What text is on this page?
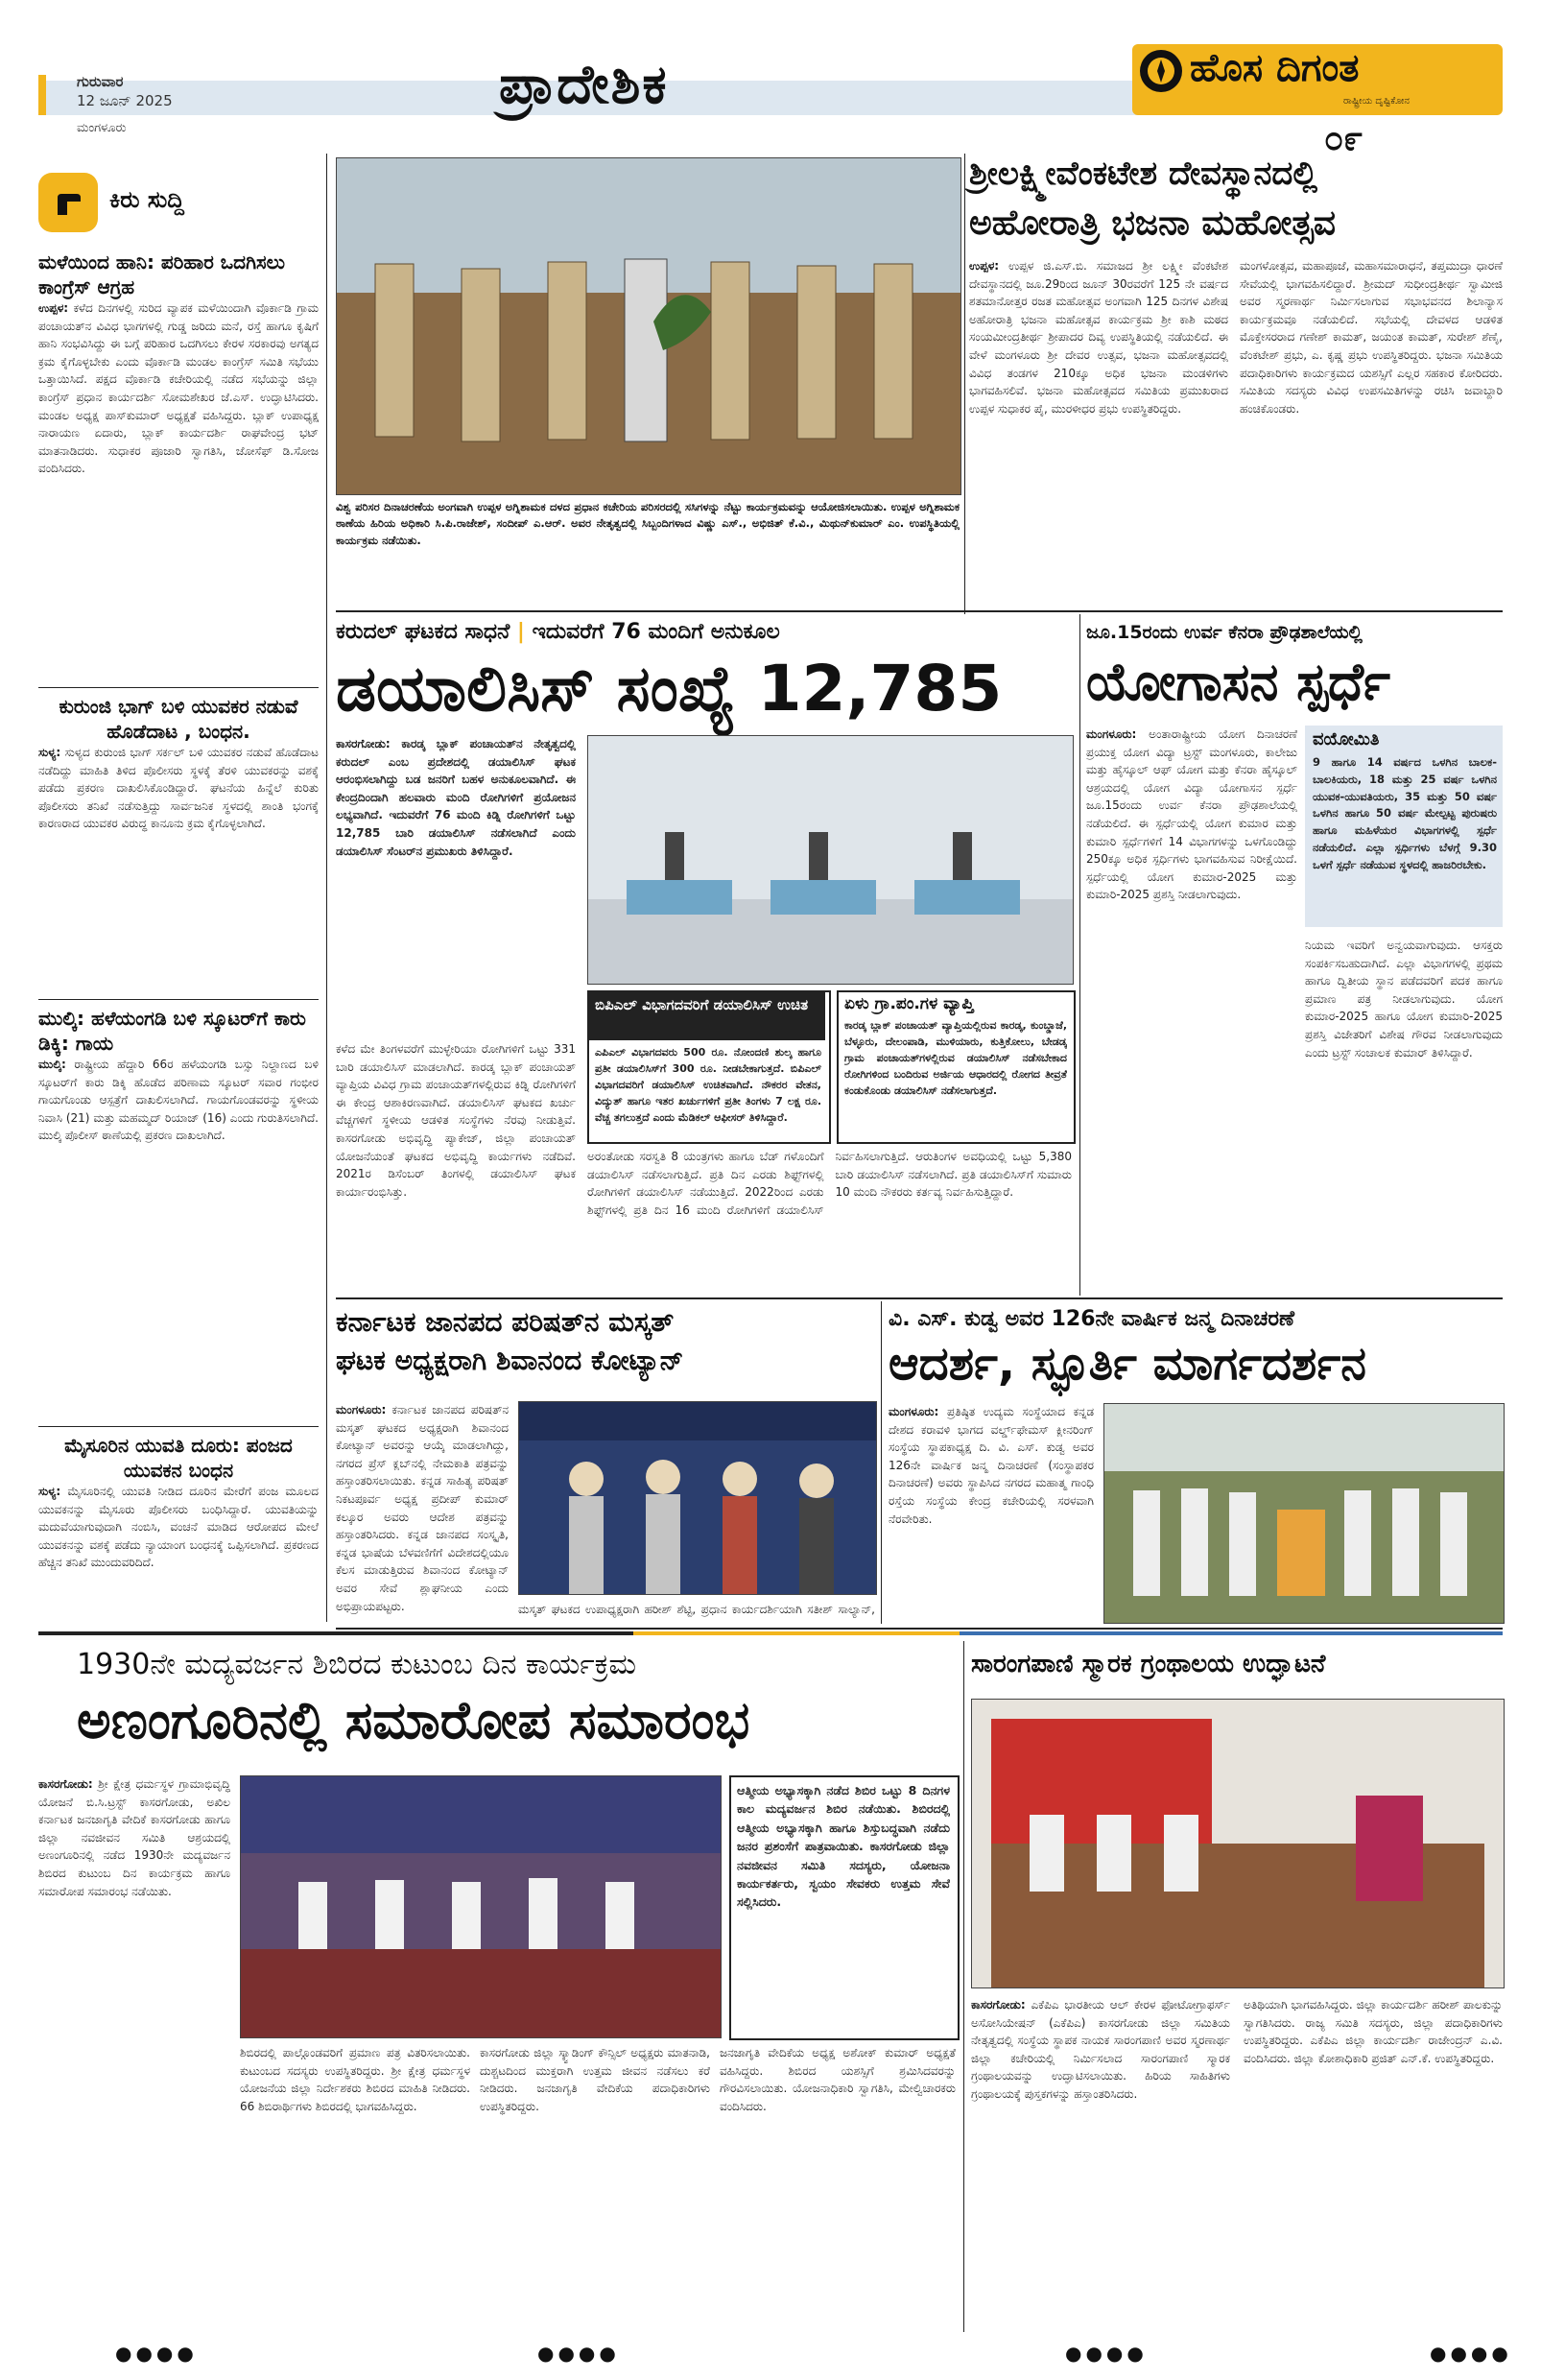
ಗುರುವಾರ
12 ಜೂನ್ 2025
ಮಂಗಳೂರು
ಪ್ರಾದೇಶಿಕ	ಹೊಸ ದಿಗಂತ
ರಾಷ್ಟ್ರೀಯ ದೃಷ್ಟಿಕೋನ
೦೯
ಕಿರು ಸುದ್ದಿ
ಮಳೆಯಿಂದ ಹಾನಿ: ಪರಿಹಾರ ಒದಗಿಸಲು ಕಾಂಗ್ರೆಸ್ ಆಗ್ರಹ
ಉಪ್ಪಳ: ಕಳೆದ ದಿನಗಳಲ್ಲಿ ಸುರಿದ ವ್ಯಾಪಕ ಮಳೆಯಿಂದಾಗಿ ವೊರ್ಕಾಡಿ ಗ್ರಾಮ ಪಂಚಾಯತ್‌ನ ವಿವಿಧ ಭಾಗಗಳಲ್ಲಿ ಗುಡ್ಡ ಜರಿದು ಮನೆ, ರಸ್ತೆ ಹಾಗೂ ಕೃಷಿಗೆ ಹಾನಿ ಸಂಭವಿಸಿದ್ದು ಈ ಬಗ್ಗೆ ಪರಿಹಾರ ಒದಗಿಸಲು ಕೇರಳ ಸರಕಾರವು ಅಗತ್ಯದ ಕ್ರಮ ಕೈಗೊಳ್ಳಬೇಕು ಎಂದು ವೊರ್ಕಾಡಿ ಮಂಡಲ ಕಾಂಗ್ರೆಸ್ ಸಮಿತಿ ಸಭೆಯು ಒತ್ತಾಯಿಸಿದೆ. ಪಕ್ಷದ ವೊರ್ಕಾಡಿ ಕಚೇರಿಯಲ್ಲಿ ನಡೆದ ಸಭೆಯನ್ನು ಜಿಲ್ಲಾ ಕಾಂಗ್ರೆಸ್ ಪ್ರಧಾನ ಕಾರ್ಯದರ್ಶಿ ಸೋಮಶೇಖರ ಜೆ.ಎಸ್. ಉದ್ಘಾಟಿಸಿದರು. ಮಂಡಲ ಅಧ್ಯಕ್ಷ ಪಾಸ್‌ಕುಮಾರ್ ಅಧ್ಯಕ್ಷತೆ ವಹಿಸಿದ್ದರು. ಬ್ಲಾಕ್ ಉಪಾಧ್ಯಕ್ಷ ನಾರಾಯಣ ಏದಾರು, ಬ್ಲಾಕ್ ಕಾರ್ಯದರ್ಶಿ ರಾಘವೇಂದ್ರ ಭಟ್ ಮಾತನಾಡಿದರು. ಸುಧಾಕರ ಪೂಜಾರಿ ಸ್ವಾಗತಿಸಿ, ಜೋಸೆಫ್ ಡಿ.ಸೋಜ ವಂದಿಸಿದರು.
ಕುರುಂಜಿ ಭಾಗ್ ಬಳಿ ಯುವಕರ ನಡುವೆ ಹೊಡೆದಾಟ , ಬಂಧನ.
ಸುಳ್ಯ: ಸುಳ್ಯದ ಕುರುಂಜಿ ಭಾಗ್ ಸರ್ಕಲ್ ಬಳಿ ಯುವಕರ ನಡುವೆ ಹೊಡೆದಾಟ ನಡೆದಿದ್ದು ಮಾಹಿತಿ ತಿಳಿದ ಪೊಲೀಸರು ಸ್ಥಳಕ್ಕೆ ತೆರಳಿ ಯುವಕರನ್ನು ವಶಕ್ಕೆ ಪಡೆದು ಪ್ರಕರಣ ದಾಖಲಿಸಿಕೊಂಡಿದ್ದಾರೆ. ಘಟನೆಯ ಹಿನ್ನೆಲೆ ಕುರಿತು ಪೊಲೀಸರು ತನಿಖೆ ನಡೆಸುತ್ತಿದ್ದು ಸಾರ್ವಜನಿಕ ಸ್ಥಳದಲ್ಲಿ ಶಾಂತಿ ಭಂಗಕ್ಕೆ ಕಾರಣರಾದ ಯುವಕರ ವಿರುದ್ಧ ಕಾನೂನು ಕ್ರಮ ಕೈಗೊಳ್ಳಲಾಗಿದೆ.
ಮುಲ್ಕಿ: ಹಳೆಯಂಗಡಿ ಬಳಿ ಸ್ಕೂಟರ್‌ಗೆ ಕಾರು ಡಿಕ್ಕಿ: ಗಾಯ
ಮುಲ್ಕಿ: ರಾಷ್ಟ್ರೀಯ ಹೆದ್ದಾರಿ 66ರ ಹಳೆಯಂಗಡಿ ಬಸ್ಸು ನಿಲ್ದಾಣದ ಬಳಿ ಸ್ಕೂಟರ್‌ಗೆ ಕಾರು ಡಿಕ್ಕಿ ಹೊಡೆದ ಪರಿಣಾಮ ಸ್ಕೂಟರ್ ಸವಾರ ಗಂಭೀರ ಗಾಯಗೊಂಡು ಆಸ್ಪತ್ರೆಗೆ ದಾಖಲಿಸಲಾಗಿದೆ. ಗಾಯಗೊಂಡವರನ್ನು ಸ್ಥಳೀಯ ನಿವಾಸಿ (21) ಮತ್ತು ಮಹಮ್ಮದ್ ರಿಯಾಜ್ (16) ಎಂದು ಗುರುತಿಸಲಾಗಿದೆ. ಮುಲ್ಕಿ ಪೊಲೀಸ್ ಠಾಣೆಯಲ್ಲಿ ಪ್ರಕರಣ ದಾಖಲಾಗಿದೆ.
ಮೈಸೂರಿನ ಯುವತಿ ದೂರು: ಪಂಜದ ಯುವಕನ ಬಂಧನ
ಸುಳ್ಯ: ಮೈಸೂರಿನಲ್ಲಿ ಯುವತಿ ನೀಡಿದ ದೂರಿನ ಮೇರೆಗೆ ಪಂಜ ಮೂಲದ ಯುವಕನನ್ನು ಮೈಸೂರು ಪೊಲೀಸರು ಬಂಧಿಸಿದ್ದಾರೆ. ಯುವತಿಯನ್ನು ಮದುವೆಯಾಗುವುದಾಗಿ ನಂಬಿಸಿ, ವಂಚನೆ ಮಾಡಿದ ಆರೋಪದ ಮೇಲೆ ಯುವಕನನ್ನು ವಶಕ್ಕೆ ಪಡೆದು ನ್ಯಾಯಾಂಗ ಬಂಧನಕ್ಕೆ ಒಪ್ಪಿಸಲಾಗಿದೆ. ಪ್ರಕರಣದ ಹೆಚ್ಚಿನ ತನಿಖೆ ಮುಂದುವರಿದಿದೆ.
ವಿಶ್ವ ಪರಿಸರ ದಿನಾಚರಣೆಯ ಅಂಗವಾಗಿ ಉಪ್ಪಳ ಅಗ್ನಿಶಾಮಕ ದಳದ ಪ್ರಧಾನ ಕಚೇರಿಯ ಪರಿಸರದಲ್ಲಿ ಸಸಿಗಳನ್ನು ನೆಟ್ಟು ಕಾರ್ಯಕ್ರಮವನ್ನು ಆಯೋಜಿಸಲಾಯಿತು. ಉಪ್ಪಳ ಅಗ್ನಿಶಾಮಕ ಠಾಣೆಯ ಹಿರಿಯ ಅಧಿಕಾರಿ ಸಿ.ಪಿ.ರಾಜೇಶ್, ಸಂದೀಪ್ ಎ.ಆರ್. ಅವರ ನೇತೃತ್ವದಲ್ಲಿ ಸಿಬ್ಬಂದಿಗಳಾದ ವಿಷ್ಣು ಎಸ್., ಅಭಿಜಿತ್ ಕೆ.ವಿ., ಮಿಥುನ್‌ಕುಮಾರ್ ಎಂ. ಉಪಸ್ಥಿತಿಯಲ್ಲಿ ಕಾರ್ಯಕ್ರಮ ನಡೆಯಿತು.
ಶ್ರೀಲಕ್ಷ್ಮೀವೆಂಕಟೇಶ ದೇವಸ್ಥಾನದಲ್ಲಿ
ಅಹೋರಾತ್ರಿ ಭಜನಾ ಮಹೋತ್ಸವ
ಉಪ್ಪಳ: ಉಪ್ಪಳ ಜಿ.ಎಸ್.ಬಿ. ಸಮಾಜದ ಶ್ರೀ ಲಕ್ಷ್ಮೀ ವೆಂಕಟೇಶ ದೇವಸ್ಥಾನದಲ್ಲಿ ಜೂ.29ರಿಂದ ಜೂನ್ 30ರವರೆಗೆ 125 ನೇ ವರ್ಷದ ಶತಮಾನೋತ್ತರ ರಜತ ಮಹೋತ್ಸವ ಅಂಗವಾಗಿ 125 ದಿನಗಳ ವಿಶೇಷ ಅಹೋರಾತ್ರಿ ಭಜನಾ ಮಹೋತ್ಸವ ಕಾರ್ಯಕ್ರಮ ಶ್ರೀ ಕಾಶಿ ಮಠದ ಸಂಯಮೀಂದ್ರತೀರ್ಥ ಶ್ರೀಪಾದರ ದಿವ್ಯ ಉಪಸ್ಥಿತಿಯಲ್ಲಿ ನಡೆಯಲಿದೆ. ಈ ವೇಳೆ ಮಂಗಳೂರು ಶ್ರೀ ದೇವರ ಉತ್ಸವ, ಭಜನಾ ಮಹೋತ್ಸವದಲ್ಲಿ ವಿವಿಧ ತಂಡಗಳ 210ಕ್ಕೂ ಅಧಿಕ ಭಜನಾ ಮಂಡಳಿಗಳು ಭಾಗವಹಿಸಲಿವೆ. ಭಜನಾ ಮಹೋತ್ಸವದ ಸಮಿತಿಯ ಪ್ರಮುಖರಾದ ಉಪ್ಪಳ ಸುಧಾಕರ ಪೈ, ಮುರಳೀಧರ ಪ್ರಭು ಉಪಸ್ಥಿತರಿದ್ದರು.
ಮಂಗಳೋತ್ಸವ, ಮಹಾಪೂಜೆ, ಮಹಾಸಮಾರಾಧನೆ, ತಪ್ತಮುದ್ರಾ ಧಾರಣೆ ಸೇವೆಯಲ್ಲಿ ಭಾಗವಹಿಸಲಿದ್ದಾರೆ. ಶ್ರೀಮದ್ ಸುಧೀಂದ್ರತೀರ್ಥ ಸ್ವಾಮೀಜಿ ಅವರ ಸ್ಮರಣಾರ್ಥ ನಿರ್ಮಿಸಲಾಗುವ ಸಭಾಭವನದ ಶಿಲಾನ್ಯಾಸ ಕಾರ್ಯಕ್ರಮವೂ ನಡೆಯಲಿದೆ. ಸಭೆಯಲ್ಲಿ ದೇವಳದ ಆಡಳಿತ ಮೊಕ್ತೇಸರರಾದ ಗಣೇಶ್ ಕಾಮತ್, ಜಯಂತ ಕಾಮತ್, ಸುರೇಶ್ ಶೆಣೈ, ವೆಂಕಟೇಶ್ ಪ್ರಭು, ಎ. ಕೃಷ್ಣ ಪ್ರಭು ಉಪಸ್ಥಿತರಿದ್ದರು. ಭಜನಾ ಸಮಿತಿಯ ಪದಾಧಿಕಾರಿಗಳು ಕಾರ್ಯಕ್ರಮದ ಯಶಸ್ಸಿಗೆ ಎಲ್ಲರ ಸಹಕಾರ ಕೋರಿದರು. ಸಮಿತಿಯ ಸದಸ್ಯರು ವಿವಿಧ ಉಪಸಮಿತಿಗಳನ್ನು ರಚಿಸಿ ಜವಾಬ್ದಾರಿ ಹಂಚಿಕೊಂಡರು.
ಕರುದಲ್ ಘಟಕದ ಸಾಧನೆ | ಇದುವರೆಗೆ 76 ಮಂದಿಗೆ ಅನುಕೂಲ
ಡಯಾಲಿಸಿಸ್ ಸಂಖ್ಯೆ 12,785
ಕಾಸರಗೋಡು: ಕಾರಡ್ಕ ಬ್ಲಾಕ್ ಪಂಚಾಯತ್‌ನ ನೇತೃತ್ವದಲ್ಲಿ ಕರುದಲ್ ಎಂಬ ಪ್ರದೇಶದಲ್ಲಿ ಡಯಾಲಿಸಿಸ್ ಘಟಕ ಆರಂಭಿಸಲಾಗಿದ್ದು ಬಡ ಜನರಿಗೆ ಬಹಳ ಅನುಕೂಲವಾಗಿದೆ. ಈ ಕೇಂದ್ರದಿಂದಾಗಿ ಹಲವಾರು ಮಂದಿ ರೋಗಿಗಳಿಗೆ ಪ್ರಯೋಜನ ಲಭ್ಯವಾಗಿದೆ. ಇದುವರೆಗೆ 76 ಮಂದಿ ಕಿಡ್ನಿ ರೋಗಿಗಳಿಗೆ ಒಟ್ಟು 12,785 ಬಾರಿ ಡಯಾಲಿಸಿಸ್ ನಡೆಸಲಾಗಿದೆ ಎಂದು ಡಯಾಲಿಸಿಸ್ ಸೆಂಟರ್‌ನ ಪ್ರಮುಖರು ತಿಳಿಸಿದ್ದಾರೆ.
ಕಳೆದ ಮೇ ತಿಂಗಳವರೆಗೆ ಮುಳ್ಳೇರಿಯಾ ರೋಗಿಗಳಿಗೆ ಒಟ್ಟು 331 ಬಾರಿ ಡಯಾಲಿಸಿಸ್ ಮಾಡಲಾಗಿದೆ. ಕಾರಡ್ಕ ಬ್ಲಾಕ್ ಪಂಚಾಯತ್ ವ್ಯಾಪ್ತಿಯ ವಿವಿಧ ಗ್ರಾಮ ಪಂಚಾಯತ್‌ಗಳಲ್ಲಿರುವ ಕಿಡ್ನಿ ರೋಗಿಗಳಿಗೆ ಈ ಕೇಂದ್ರ ಆಶಾಕಿರಣವಾಗಿದೆ. ಡಯಾಲಿಸಿಸ್ ಘಟಕದ ಖರ್ಚು ವೆಚ್ಚಗಳಿಗೆ ಸ್ಥಳೀಯ ಆಡಳಿತ ಸಂಸ್ಥೆಗಳು ನೆರವು ನೀಡುತ್ತಿವೆ. ಕಾಸರಗೋಡು ಅಭಿವೃದ್ಧಿ ಪ್ಯಾಕೇಜ್, ಜಿಲ್ಲಾ ಪಂಚಾಯತ್ ಯೋಜನೆಯಂತೆ ಘಟಕದ ಅಭಿವೃದ್ಧಿ ಕಾರ್ಯಗಳು ನಡೆದಿವೆ. 2021ರ ಡಿಸೆಂಬರ್ ತಿಂಗಳಲ್ಲಿ ಡಯಾಲಿಸಿಸ್ ಘಟಕ ಕಾರ್ಯಾರಂಭಿಸಿತ್ತು.
ಬಿಪಿಎಲ್ ವಿಭಾಗದವರಿಗೆ ಡಯಾಲಿಸಿಸ್ ಉಚಿತ
ಎಪಿಎಲ್ ವಿಭಾಗದವರು 500 ರೂ. ನೋಂದಣಿ ಶುಲ್ಕ ಹಾಗೂ ಪ್ರತೀ ಡಯಾಲಿಸಿಸ್‌ಗೆ 300 ರೂ. ನೀಡಬೇಕಾಗುತ್ತದೆ. ಬಿಪಿಎಲ್ ವಿಭಾಗದವರಿಗೆ ಡಯಾಲಿಸಿಸ್ ಉಚಿತವಾಗಿದೆ. ನೌಕರರ ವೇತನ, ವಿದ್ಯುತ್ ಹಾಗೂ ಇತರ ಖರ್ಚುಗಳಿಗೆ ಪ್ರತೀ ತಿಂಗಳು 7 ಲಕ್ಷ ರೂ. ವೆಚ್ಚ ತಗಲುತ್ತದೆ ಎಂದು ಮೆಡಿಕಲ್ ಆಫೀಸರ್ ತಿಳಿಸಿದ್ದಾರೆ.
ಏಳು ಗ್ರಾ.ಪಂ.ಗಳ ವ್ಯಾಪ್ತಿ
ಕಾರಡ್ಕ ಬ್ಲಾಕ್ ಪಂಚಾಯತ್ ವ್ಯಾಪ್ತಿಯಲ್ಲಿರುವ ಕಾರಡ್ಕ, ಕುಂಬ್ಡಾಜೆ, ಬೆಳ್ಳೂರು, ದೇಲಂಪಾಡಿ, ಮುಳಿಯಾರು, ಕುತ್ತಿಕೋಲು, ಬೇಡಡ್ಕ ಗ್ರಾಮ ಪಂಚಾಯತ್‌ಗಳಲ್ಲಿರುವ ಡಯಾಲಿಸಿಸ್ ನಡೆಸಬೇಕಾದ ರೋಗಿಗಳಿಂದ ಬಂದಿರುವ ಅರ್ಜಿಯ ಆಧಾರದಲ್ಲಿ ರೋಗದ ತೀವ್ರತೆ ಕಂಡುಕೊಂಡು ಡಯಾಲಿಸಿಸ್ ನಡೆಸಲಾಗುತ್ತದೆ.
ಅರಂತೋಡು ಸರಸ್ವತಿ 8 ಯಂತ್ರಗಳು ಹಾಗೂ ಬೆಡ್ ಗಳೊಂದಿಗೆ ಡಯಾಲಿಸಿಸ್ ನಡೆಸಲಾಗುತ್ತಿದೆ. ಪ್ರತಿ ದಿನ ಎರಡು ಶಿಫ್ಟ್‌ಗಳಲ್ಲಿ ರೋಗಿಗಳಿಗೆ ಡಯಾಲಿಸಿಸ್ ನಡೆಯುತ್ತಿದೆ. 2022ರಿಂದ ಎರಡು ಶಿಫ್ಟ್‌ಗಳಲ್ಲಿ ಪ್ರತಿ ದಿನ 16 ಮಂದಿ ರೋಗಿಗಳಿಗೆ ಡಯಾಲಿಸಿಸ್ ನಿರ್ವಹಿಸಲಾಗುತ್ತಿದೆ. ಆರುತಿಂಗಳ ಅವಧಿಯಲ್ಲಿ ಒಟ್ಟು 5,380 ಬಾರಿ ಡಯಾಲಿಸಿಸ್ ನಡೆಸಲಾಗಿದೆ. ಪ್ರತಿ ಡಯಾಲಿಸಿಸ್‌ಗೆ ಸುಮಾರು 10 ಮಂದಿ ನೌಕರರು ಕರ್ತವ್ಯ ನಿರ್ವಹಿಸುತ್ತಿದ್ದಾರೆ.
ಜೂ.15ರಂದು ಉರ್ವ ಕೆನರಾ ಪ್ರೌಢಶಾಲೆಯಲ್ಲಿ
ಯೋಗಾಸನ ಸ್ಪರ್ಧೆ
ಮಂಗಳೂರು: ಅಂತಾರಾಷ್ಟ್ರೀಯ ಯೋಗ ದಿನಾಚರಣೆ ಪ್ರಯುಕ್ತ ಯೋಗ ವಿದ್ಯಾ ಟ್ರಸ್ಟ್ ಮಂಗಳೂರು, ಕಾಲೇಜು ಮತ್ತು ಹೈಸ್ಕೂಲ್ ಆಫ್ ಯೋಗ ಮತ್ತು ಕೆನರಾ ಹೈಸ್ಕೂಲ್ ಆಶ್ರಯದಲ್ಲಿ ಯೋಗ ವಿದ್ಯಾ ಯೋಗಾಸನ ಸ್ಪರ್ಧೆ ಜೂ.15ರಂದು ಉರ್ವ ಕೆನರಾ ಪ್ರೌಢಶಾಲೆಯಲ್ಲಿ ನಡೆಯಲಿದೆ. ಈ ಸ್ಪರ್ಧೆಯಲ್ಲಿ ಯೋಗ ಕುಮಾರ ಮತ್ತು ಕುಮಾರಿ ಸ್ಪರ್ಧೆಗಳಿಗೆ 14 ವಿಭಾಗಗಳನ್ನು ಒಳಗೊಂಡಿದ್ದು 250ಕ್ಕೂ ಅಧಿಕ ಸ್ಪರ್ಧಿಗಳು ಭಾಗವಹಿಸುವ ನಿರೀಕ್ಷೆಯಿದೆ. ಸ್ಪರ್ಧೆಯಲ್ಲಿ ಯೋಗ ಕುಮಾರ-2025 ಮತ್ತು ಕುಮಾರಿ-2025 ಪ್ರಶಸ್ತಿ ನೀಡಲಾಗುವುದು.
ವಯೋಮಿತಿ
9 ಹಾಗೂ 14 ವರ್ಷದ ಒಳಗಿನ ಬಾಲಕ-ಬಾಲಕಿಯರು, 18 ಮತ್ತು 25 ವರ್ಷ ಒಳಗಿನ ಯುವಕ-ಯುವತಿಯರು, 35 ಮತ್ತು 50 ವರ್ಷ ಒಳಗಿನ ಹಾಗೂ 50 ವರ್ಷ ಮೇಲ್ಪಟ್ಟ ಪುರುಷರು ಹಾಗೂ ಮಹಿಳೆಯರ ವಿಭಾಗಗಳಲ್ಲಿ ಸ್ಪರ್ಧೆ ನಡೆಯಲಿದೆ. ಎಲ್ಲಾ ಸ್ಪರ್ಧಿಗಳು ಬೆಳಗ್ಗೆ 9.30 ಒಳಗೆ ಸ್ಪರ್ಧೆ ನಡೆಯುವ ಸ್ಥಳದಲ್ಲಿ ಹಾಜರಿರಬೇಕು.
ನಿಯಮ ಇವರಿಗೆ ಅನ್ವಯವಾಗುವುದು. ಆಸಕ್ತರು ಸಂಪರ್ಕಿಸಬಹುದಾಗಿದೆ. ಎಲ್ಲಾ ವಿಭಾಗಗಳಲ್ಲಿ ಪ್ರಥಮ ಹಾಗೂ ದ್ವಿತೀಯ ಸ್ಥಾನ ಪಡೆದವರಿಗೆ ಪದಕ ಹಾಗೂ ಪ್ರಮಾಣ ಪತ್ರ ನೀಡಲಾಗುವುದು. ಯೋಗ ಕುಮಾರ-2025 ಹಾಗೂ ಯೋಗ ಕುಮಾರಿ-2025 ಪ್ರಶಸ್ತಿ ವಿಜೇತರಿಗೆ ವಿಶೇಷ ಗೌರವ ನೀಡಲಾಗುವುದು ಎಂದು ಟ್ರಸ್ಟ್ ಸಂಚಾಲಕ ಕುಮಾರ್ ತಿಳಿಸಿದ್ದಾರೆ.
ಕರ್ನಾಟಕ ಜಾನಪದ ಪರಿಷತ್‌ನ ಮಸ್ಕತ್
ಘಟಕ ಅಧ್ಯಕ್ಷರಾಗಿ ಶಿವಾನಂದ ಕೋಟ್ಯಾನ್
ಮಂಗಳೂರು: ಕರ್ನಾಟಕ ಜಾನಪದ ಪರಿಷತ್‌ನ ಮಸ್ಕತ್ ಘಟಕದ ಅಧ್ಯಕ್ಷರಾಗಿ ಶಿವಾನಂದ ಕೋಟ್ಯಾನ್ ಅವರನ್ನು ಆಯ್ಕೆ ಮಾಡಲಾಗಿದ್ದು, ನಗರದ ಪ್ರೆಸ್ ಕ್ಲಬ್‌ನಲ್ಲಿ ನೇಮಕಾತಿ ಪತ್ರವನ್ನು ಹಸ್ತಾಂತರಿಸಲಾಯಿತು. ಕನ್ನಡ ಸಾಹಿತ್ಯ ಪರಿಷತ್ ನಿಕಟಪೂರ್ವ ಅಧ್ಯಕ್ಷ ಪ್ರದೀಪ್ ಕುಮಾರ್ ಕಲ್ಕೂರ ಅವರು ಆದೇಶ ಪತ್ರವನ್ನು ಹಸ್ತಾಂತರಿಸಿದರು. ಕನ್ನಡ ಜಾನಪದ ಸಂಸ್ಕೃತಿ, ಕನ್ನಡ ಭಾಷೆಯ ಬೆಳವಣಿಗೆಗೆ ವಿದೇಶದಲ್ಲಿಯೂ ಕೆಲಸ ಮಾಡುತ್ತಿರುವ ಶಿವಾನಂದ ಕೋಟ್ಯಾನ್ ಅವರ ಸೇವೆ ಶ್ಲಾಘನೀಯ ಎಂದು ಅಭಿಪ್ರಾಯಪಟ್ಟರು.	ಮಸ್ಕತ್ ಘಟಕದ ಉಪಾಧ್ಯಕ್ಷರಾಗಿ ಹರೀಶ್ ಶೆಟ್ಟಿ, ಪ್ರಧಾನ ಕಾರ್ಯದರ್ಶಿಯಾಗಿ ಸತೀಶ್ ಸಾಲ್ಯಾನ್,
ವಿ. ಎಸ್. ಕುಡ್ವ ಅವರ 126ನೇ ವಾರ್ಷಿಕ ಜನ್ಮ ದಿನಾಚರಣೆ
ಆದರ್ಶ, ಸ್ಫೂರ್ತಿ ಮಾರ್ಗದರ್ಶನ
ಮಂಗಳೂರು: ಪ್ರತಿಷ್ಠಿತ ಉದ್ಯಮ ಸಂಸ್ಥೆಯಾದ ಕನ್ನಡ ದೇಶದ ಕರಾವಳಿ ಭಾಗದ ವರ್ಲ್ಡ್‌ಫೇಮಸ್ ಕ್ಲೀನರಿಂಗ್ ಸಂಸ್ಥೆಯ ಸ್ಥಾಪಕಾಧ್ಯಕ್ಷ ದಿ. ವಿ. ಎಸ್. ಕುಡ್ವ ಅವರ 126ನೇ ವಾರ್ಷಿಕ ಜನ್ಮ ದಿನಾಚರಣೆ (ಸಂಸ್ಥಾಪಕರ ದಿನಾಚರಣೆ) ಅವರು ಸ್ಥಾಪಿಸಿದ ನಗರದ ಮಹಾತ್ಮ ಗಾಂಧಿ ರಸ್ತೆಯ ಸಂಸ್ಥೆಯ ಕೇಂದ್ರ ಕಚೇರಿಯಲ್ಲಿ ಸರಳವಾಗಿ ನೆರವೇರಿತು.
1930ನೇ ಮದ್ಯವರ್ಜನ ಶಿಬಿರದ ಕುಟುಂಬ ದಿನ ಕಾರ್ಯಕ್ರಮ
ಅಣಂಗೂರಿನಲ್ಲಿ ಸಮಾರೋಪ ಸಮಾರಂಭ
ಕಾಸರಗೋಡು: ಶ್ರೀ ಕ್ಷೇತ್ರ ಧರ್ಮಸ್ಥಳ ಗ್ರಾಮಾಭಿವೃದ್ಧಿ ಯೋಜನೆ ಬಿ.ಸಿ.ಟ್ರಸ್ಟ್ ಕಾಸರಗೋಡು, ಅಖಿಲ ಕರ್ನಾಟಕ ಜನಜಾಗೃತಿ ವೇದಿಕೆ ಕಾಸರಗೋಡು ಹಾಗೂ ಜಿಲ್ಲಾ ನವಜೀವನ ಸಮಿತಿ ಆಶ್ರಯದಲ್ಲಿ ಅಣಂಗೂರಿನಲ್ಲಿ ನಡೆದ 1930ನೇ ಮದ್ಯವರ್ಜನ ಶಿಬಿರದ ಕುಟುಂಬ ದಿನ ಕಾರ್ಯಕ್ರಮ ಹಾಗೂ ಸಮಾರೋಪ ಸಮಾರಂಭ ನಡೆಯಿತು.
ಆತ್ಮೀಯ ಅಭ್ಯಾಸಕ್ಕಾಗಿ ನಡೆದ ಶಿಬಿರ ಒಟ್ಟು 8 ದಿನಗಳ ಕಾಲ ಮದ್ಯವರ್ಜನ ಶಿಬಿರ ನಡೆಯಿತು. ಶಿಬಿರದಲ್ಲಿ ಆತ್ಮೀಯ ಅಭ್ಯಾಸಕ್ಕಾಗಿ ಹಾಗೂ ಶಿಸ್ತುಬದ್ಧವಾಗಿ ನಡೆದು ಜನರ ಪ್ರಶಂಸೆಗೆ ಪಾತ್ರವಾಯಿತು. ಕಾಸರಗೋಡು ಜಿಲ್ಲಾ ನವಜೀವನ ಸಮಿತಿ ಸದಸ್ಯರು, ಯೋಜನಾ ಕಾರ್ಯಕರ್ತರು, ಸ್ವಯಂ ಸೇವಕರು ಉತ್ತಮ ಸೇವೆ ಸಲ್ಲಿಸಿದರು.
ಶಿಬಿರದಲ್ಲಿ ಪಾಲ್ಗೊಂಡವರಿಗೆ ಪ್ರಮಾಣ ಪತ್ರ ವಿತರಿಸಲಾಯಿತು. ಕುಟುಂಬದ ಸದಸ್ಯರು ಉಪಸ್ಥಿತರಿದ್ದರು. ಶ್ರೀ ಕ್ಷೇತ್ರ ಧರ್ಮಸ್ಥಳ ಯೋಜನೆಯ ಜಿಲ್ಲಾ ನಿರ್ದೇಶಕರು ಶಿಬಿರದ ಮಾಹಿತಿ ನೀಡಿದರು. 66 ಶಿಬಿರಾರ್ಥಿಗಳು ಶಿಬಿರದಲ್ಲಿ ಭಾಗವಹಿಸಿದ್ದರು.
ಕಾಸರಗೋಡು ಜಿಲ್ಲಾ ಸ್ಕ್ವಾಡಿಂಗ್ ಕೌನ್ಸಿಲ್ ಅಧ್ಯಕ್ಷರು ಮಾತನಾಡಿ, ದುಶ್ಚಟದಿಂದ ಮುಕ್ತರಾಗಿ ಉತ್ತಮ ಜೀವನ ನಡೆಸಲು ಕರೆ ನೀಡಿದರು. ಜನಜಾಗೃತಿ ವೇದಿಕೆಯ ಪದಾಧಿಕಾರಿಗಳು ಉಪಸ್ಥಿತರಿದ್ದರು.
ಜನಜಾಗೃತಿ ವೇದಿಕೆಯ ಅಧ್ಯಕ್ಷ ಅಶೋಕ್ ಕುಮಾರ್ ಅಧ್ಯಕ್ಷತೆ ವಹಿಸಿದ್ದರು. ಶಿಬಿರದ ಯಶಸ್ಸಿಗೆ ಶ್ರಮಿಸಿದವರನ್ನು ಗೌರವಿಸಲಾಯಿತು. ಯೋಜನಾಧಿಕಾರಿ ಸ್ವಾಗತಿಸಿ, ಮೇಲ್ವಿಚಾರಕರು ವಂದಿಸಿದರು.
ಸಾರಂಗಪಾಣಿ ಸ್ಮಾರಕ ಗ್ರಂಥಾಲಯ ಉದ್ಘಾಟನೆ
ಕಾಸರಗೋಡು: ಎಕೆಪಿಎ ಭಾರತೀಯ ಆಲ್ ಕೇರಳ ಫೋಟೋಗ್ರಾಫರ್ಸ್ ಅಸೋಸಿಯೇಷನ್ (ಎಕೆಪಿಎ) ಕಾಸರಗೋಡು ಜಿಲ್ಲಾ ಸಮಿತಿಯ ನೇತೃತ್ವದಲ್ಲಿ ಸಂಸ್ಥೆಯ ಸ್ಥಾಪಕ ನಾಯಕ ಸಾರಂಗಪಾಣಿ ಅವರ ಸ್ಮರಣಾರ್ಥ ಜಿಲ್ಲಾ ಕಚೇರಿಯಲ್ಲಿ ನಿರ್ಮಿಸಲಾದ ಸಾರಂಗಪಾಣಿ ಸ್ಮಾರಕ ಗ್ರಂಥಾಲಯವನ್ನು ಉದ್ಘಾಟಿಸಲಾಯಿತು. ಹಿರಿಯ ಸಾಹಿತಿಗಳು ಗ್ರಂಥಾಲಯಕ್ಕೆ ಪುಸ್ತಕಗಳನ್ನು ಹಸ್ತಾಂತರಿಸಿದರು.
ಅತಿಥಿಯಾಗಿ ಭಾಗವಹಿಸಿದ್ದರು. ಜಿಲ್ಲಾ ಕಾರ್ಯದರ್ಶಿ ಹರೀಶ್ ಪಾಲಕುನ್ನು ಸ್ವಾಗತಿಸಿದರು. ರಾಜ್ಯ ಸಮಿತಿ ಸದಸ್ಯರು, ಜಿಲ್ಲಾ ಪದಾಧಿಕಾರಿಗಳು ಉಪಸ್ಥಿತರಿದ್ದರು. ಎಕೆಪಿಎ ಜಿಲ್ಲಾ ಕಾರ್ಯದರ್ಶಿ ರಾಜೇಂದ್ರನ್ ಎ.ವಿ. ವಂದಿಸಿದರು. ಜಿಲ್ಲಾ ಕೋಶಾಧಿಕಾರಿ ಪ್ರಜಿತ್ ಎನ್.ಕೆ. ಉಪಸ್ಥಿತರಿದ್ದರು.
●●●●
●●●●
●●●●	●●●●
